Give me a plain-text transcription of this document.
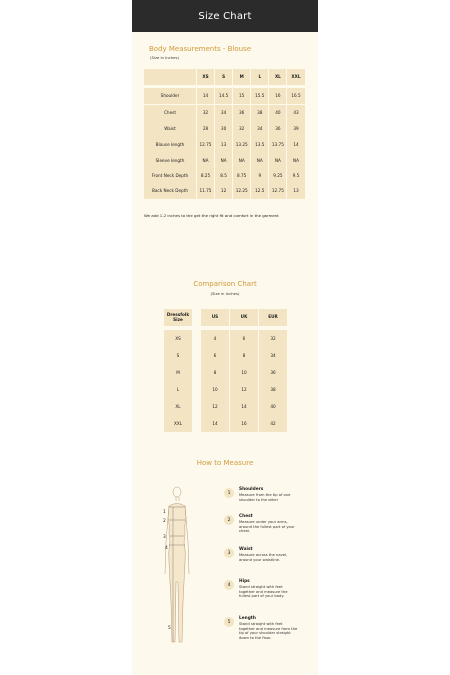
Size Chart
Body Measurements - Blouse
(Size in Inches)
XS	S	M	L	XL	XXL
Shoulder	14	14.5	15	15.5	16	16.5
Chest	32	34	36	38	40	43
Waist	28	30	32	34	36	39
Blouse length	12.75	13	13.25	13.5	13.75	14
Sleeve length	NA	NA	NA	NA	NA	NA
Front Neck Depth	8.25	8.5	8.75	9	9.25	9.5
Back Neck Depth	11.75	12	12.25	12.5	12.75	13
We add 1-2 inches to the get the right fit and comfort in the garment
Comparison Chart
(Size in Inches)
Dressfolk Size	US	UK	EUR
XS	4	6	32
S	6	8	34
M	8	10	36
L	10	12	38
XL	12	14	40
XXL	14	16	42
How to Measure
1
2
3
4
5
1
Shoulders
Measure from the tip of one shoulder to the other
2
Chest
Measure under your arms, around the fullest part of your chest.
3
Waist
Measure across the navel, around your waistline.
4
Hips
Stand straight with feet together and measure the fullest part of your body.
5
Length
Stand straight with feet together and measure from the tip of your shoulder straight down to the floor.
